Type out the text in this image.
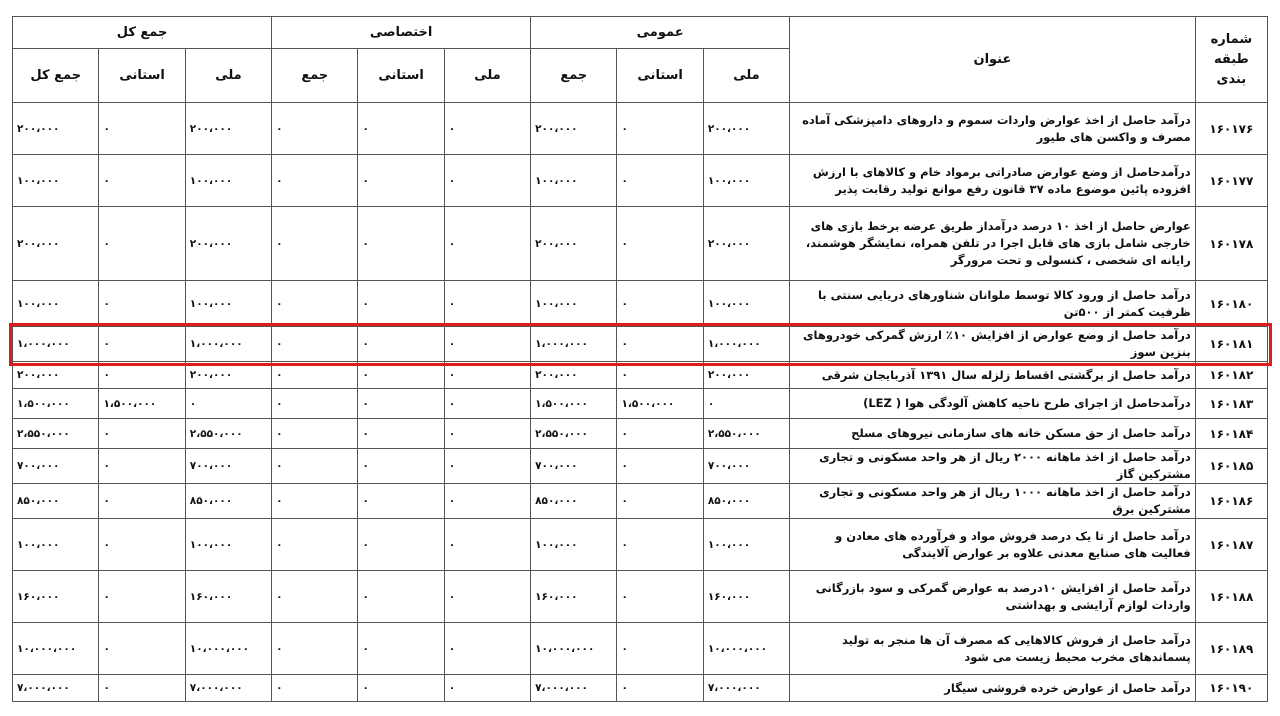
شماره طبقه بندی	عنوان	عمومی			اختصاصی			جمع کل		
		ملی	استانی	جمع	ملی	استانی	جمع	ملی	استانی	جمع کل
۱۶۰۱۷۶	درآمد حاصل از اخذ عوارض واردات سموم و داروهای دامپزشکی آماده مصرف و واکسن های طیور	۲۰۰،۰۰۰	۰	۲۰۰،۰۰۰	۰	۰	۰	۲۰۰،۰۰۰	۰	۲۰۰،۰۰۰
۱۶۰۱۷۷	درآمدحاصل از وضع عوارض صادراتی برمواد خام و کالاهای با ارزش افزوده پائین موضوع ماده ۳۷ قانون رفع موانع تولید رقابت پذیر	۱۰۰،۰۰۰	۰	۱۰۰،۰۰۰	۰	۰	۰	۱۰۰،۰۰۰	۰	۱۰۰،۰۰۰
۱۶۰۱۷۸	عوارض حاصل از اخذ ۱۰ درصد درآمداز طریق عرضه برخط بازی های خارجی شامل بازی های قابل اجرا در تلفن همراه، نمایشگر هوشمند، رایانه ای شخصی ، کنسولی و تحت مرورگر	۲۰۰،۰۰۰	۰	۲۰۰،۰۰۰	۰	۰	۰	۲۰۰،۰۰۰	۰	۲۰۰،۰۰۰
۱۶۰۱۸۰	درآمد حاصل از ورود کالا توسط ملوانان شناورهای دریایی سنتی با ظرفیت کمتر از ۵۰۰تن	۱۰۰،۰۰۰	۰	۱۰۰،۰۰۰	۰	۰	۰	۱۰۰،۰۰۰	۰	۱۰۰،۰۰۰
۱۶۰۱۸۱	درآمد حاصل از وضع عوارض از افزایش ۱۰٪ ارزش گمرکی خودروهای بنزین سوز	۱،۰۰۰،۰۰۰	۰	۱،۰۰۰،۰۰۰	۰	۰	۰	۱،۰۰۰،۰۰۰	۰	۱،۰۰۰،۰۰۰
۱۶۰۱۸۲	درآمد حاصل از برگشتی اقساط زلزله سال ۱۳۹۱ آذربایجان شرقی	۲۰۰،۰۰۰	۰	۲۰۰،۰۰۰	۰	۰	۰	۲۰۰،۰۰۰	۰	۲۰۰،۰۰۰
۱۶۰۱۸۳	درآمدحاصل از اجرای طرح ناحیه کاهش آلودگی هوا ( LEZ)	۰	۱،۵۰۰،۰۰۰	۱،۵۰۰،۰۰۰	۰	۰	۰	۰	۱،۵۰۰،۰۰۰	۱،۵۰۰،۰۰۰
۱۶۰۱۸۴	درآمد حاصل از حق مسکن خانه های سازمانی نیروهای مسلح	۲،۵۵۰،۰۰۰	۰	۲،۵۵۰،۰۰۰	۰	۰	۰	۲،۵۵۰،۰۰۰	۰	۲،۵۵۰،۰۰۰
۱۶۰۱۸۵	درآمد حاصل از اخذ ماهانه ۲۰۰۰ ریال از هر واحد مسکونی و تجاری مشترکین گاز	۷۰۰،۰۰۰	۰	۷۰۰،۰۰۰	۰	۰	۰	۷۰۰،۰۰۰	۰	۷۰۰،۰۰۰
۱۶۰۱۸۶	درآمد حاصل از اخذ ماهانه ۱۰۰۰ ریال از هر واحد مسکونی و تجاری مشترکین برق	۸۵۰،۰۰۰	۰	۸۵۰،۰۰۰	۰	۰	۰	۸۵۰،۰۰۰	۰	۸۵۰،۰۰۰
۱۶۰۱۸۷	درآمد حاصل از تا یک درصد فروش مواد و فرآورده های معادن و فعالیت های صنایع معدنی علاوه بر عوارض آلایندگی	۱۰۰،۰۰۰	۰	۱۰۰،۰۰۰	۰	۰	۰	۱۰۰،۰۰۰	۰	۱۰۰،۰۰۰
۱۶۰۱۸۸	درآمد حاصل از افزایش ۱۰درصد به عوارض گمرکی و سود بازرگانی واردات لوازم آرایشی و بهداشتی	۱۶۰،۰۰۰	۰	۱۶۰،۰۰۰	۰	۰	۰	۱۶۰،۰۰۰	۰	۱۶۰،۰۰۰
۱۶۰۱۸۹	درآمد حاصل از فروش کالاهایی که مصرف آن ها منجر به تولید پسماندهای مخرب محیط زیست می شود	۱۰،۰۰۰،۰۰۰	۰	۱۰،۰۰۰،۰۰۰	۰	۰	۰	۱۰،۰۰۰،۰۰۰	۰	۱۰،۰۰۰،۰۰۰
۱۶۰۱۹۰	درآمد حاصل از عوارض خرده فروشی سیگار	۷،۰۰۰،۰۰۰	۰	۷،۰۰۰،۰۰۰	۰	۰	۰	۷،۰۰۰،۰۰۰	۰	۷،۰۰۰،۰۰۰
